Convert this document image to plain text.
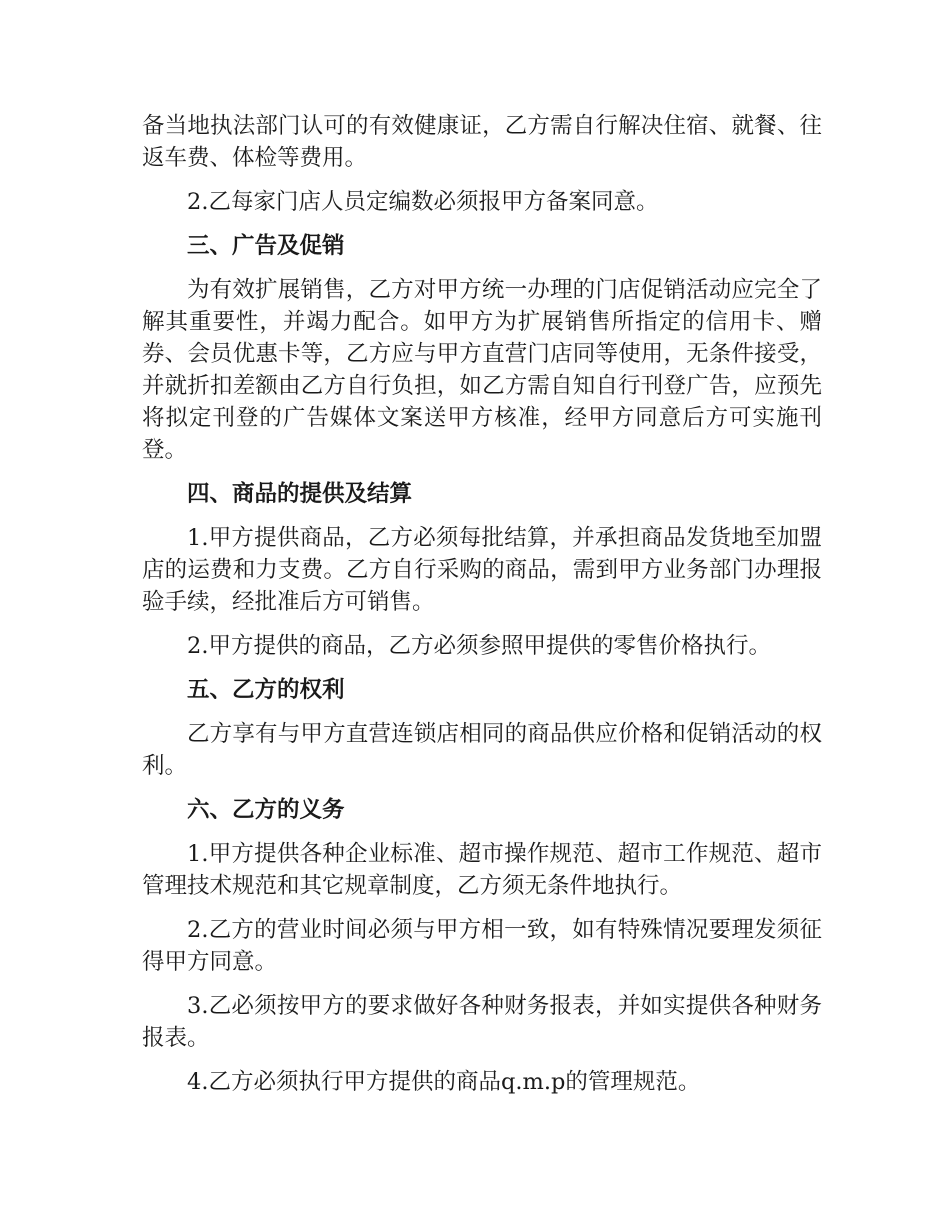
备当地执法部门认可的有效健康证，乙方需自行解决住宿、就餐、往返车费、体检等费用。

2.乙每家门店人员定编数必须报甲方备案同意。

三、广告及促销

为有效扩展销售，乙方对甲方统一办理的门店促销活动应完全了解其重要性，并竭力配合。如甲方为扩展销售所指定的信用卡、赠券、会员优惠卡等，乙方应与甲方直营门店同等使用，无条件接受，并就折扣差额由乙方自行负担，如乙方需自知自行刊登广告，应预先将拟定刊登的广告媒体文案送甲方核准，经甲方同意后方可实施刊登。

四、商品的提供及结算

1.甲方提供商品，乙方必须每批结算，并承担商品发货地至加盟店的运费和力支费。乙方自行采购的商品，需到甲方业务部门办理报验手续，经批准后方可销售。

2.甲方提供的商品，乙方必须参照甲提供的零售价格执行。

五、乙方的权利

乙方享有与甲方直营连锁店相同的商品供应价格和促销活动的权利。

六、乙方的义务

1.甲方提供各种企业标准、超市操作规范、超市工作规范、超市管理技术规范和其它规章制度，乙方须无条件地执行。

2.乙方的营业时间必须与甲方相一致，如有特殊情况要理发须征得甲方同意。

3.乙必须按甲方的要求做好各种财务报表，并如实提供各种财务报表。

4.乙方必须执行甲方提供的商品q.m.p的管理规范。
